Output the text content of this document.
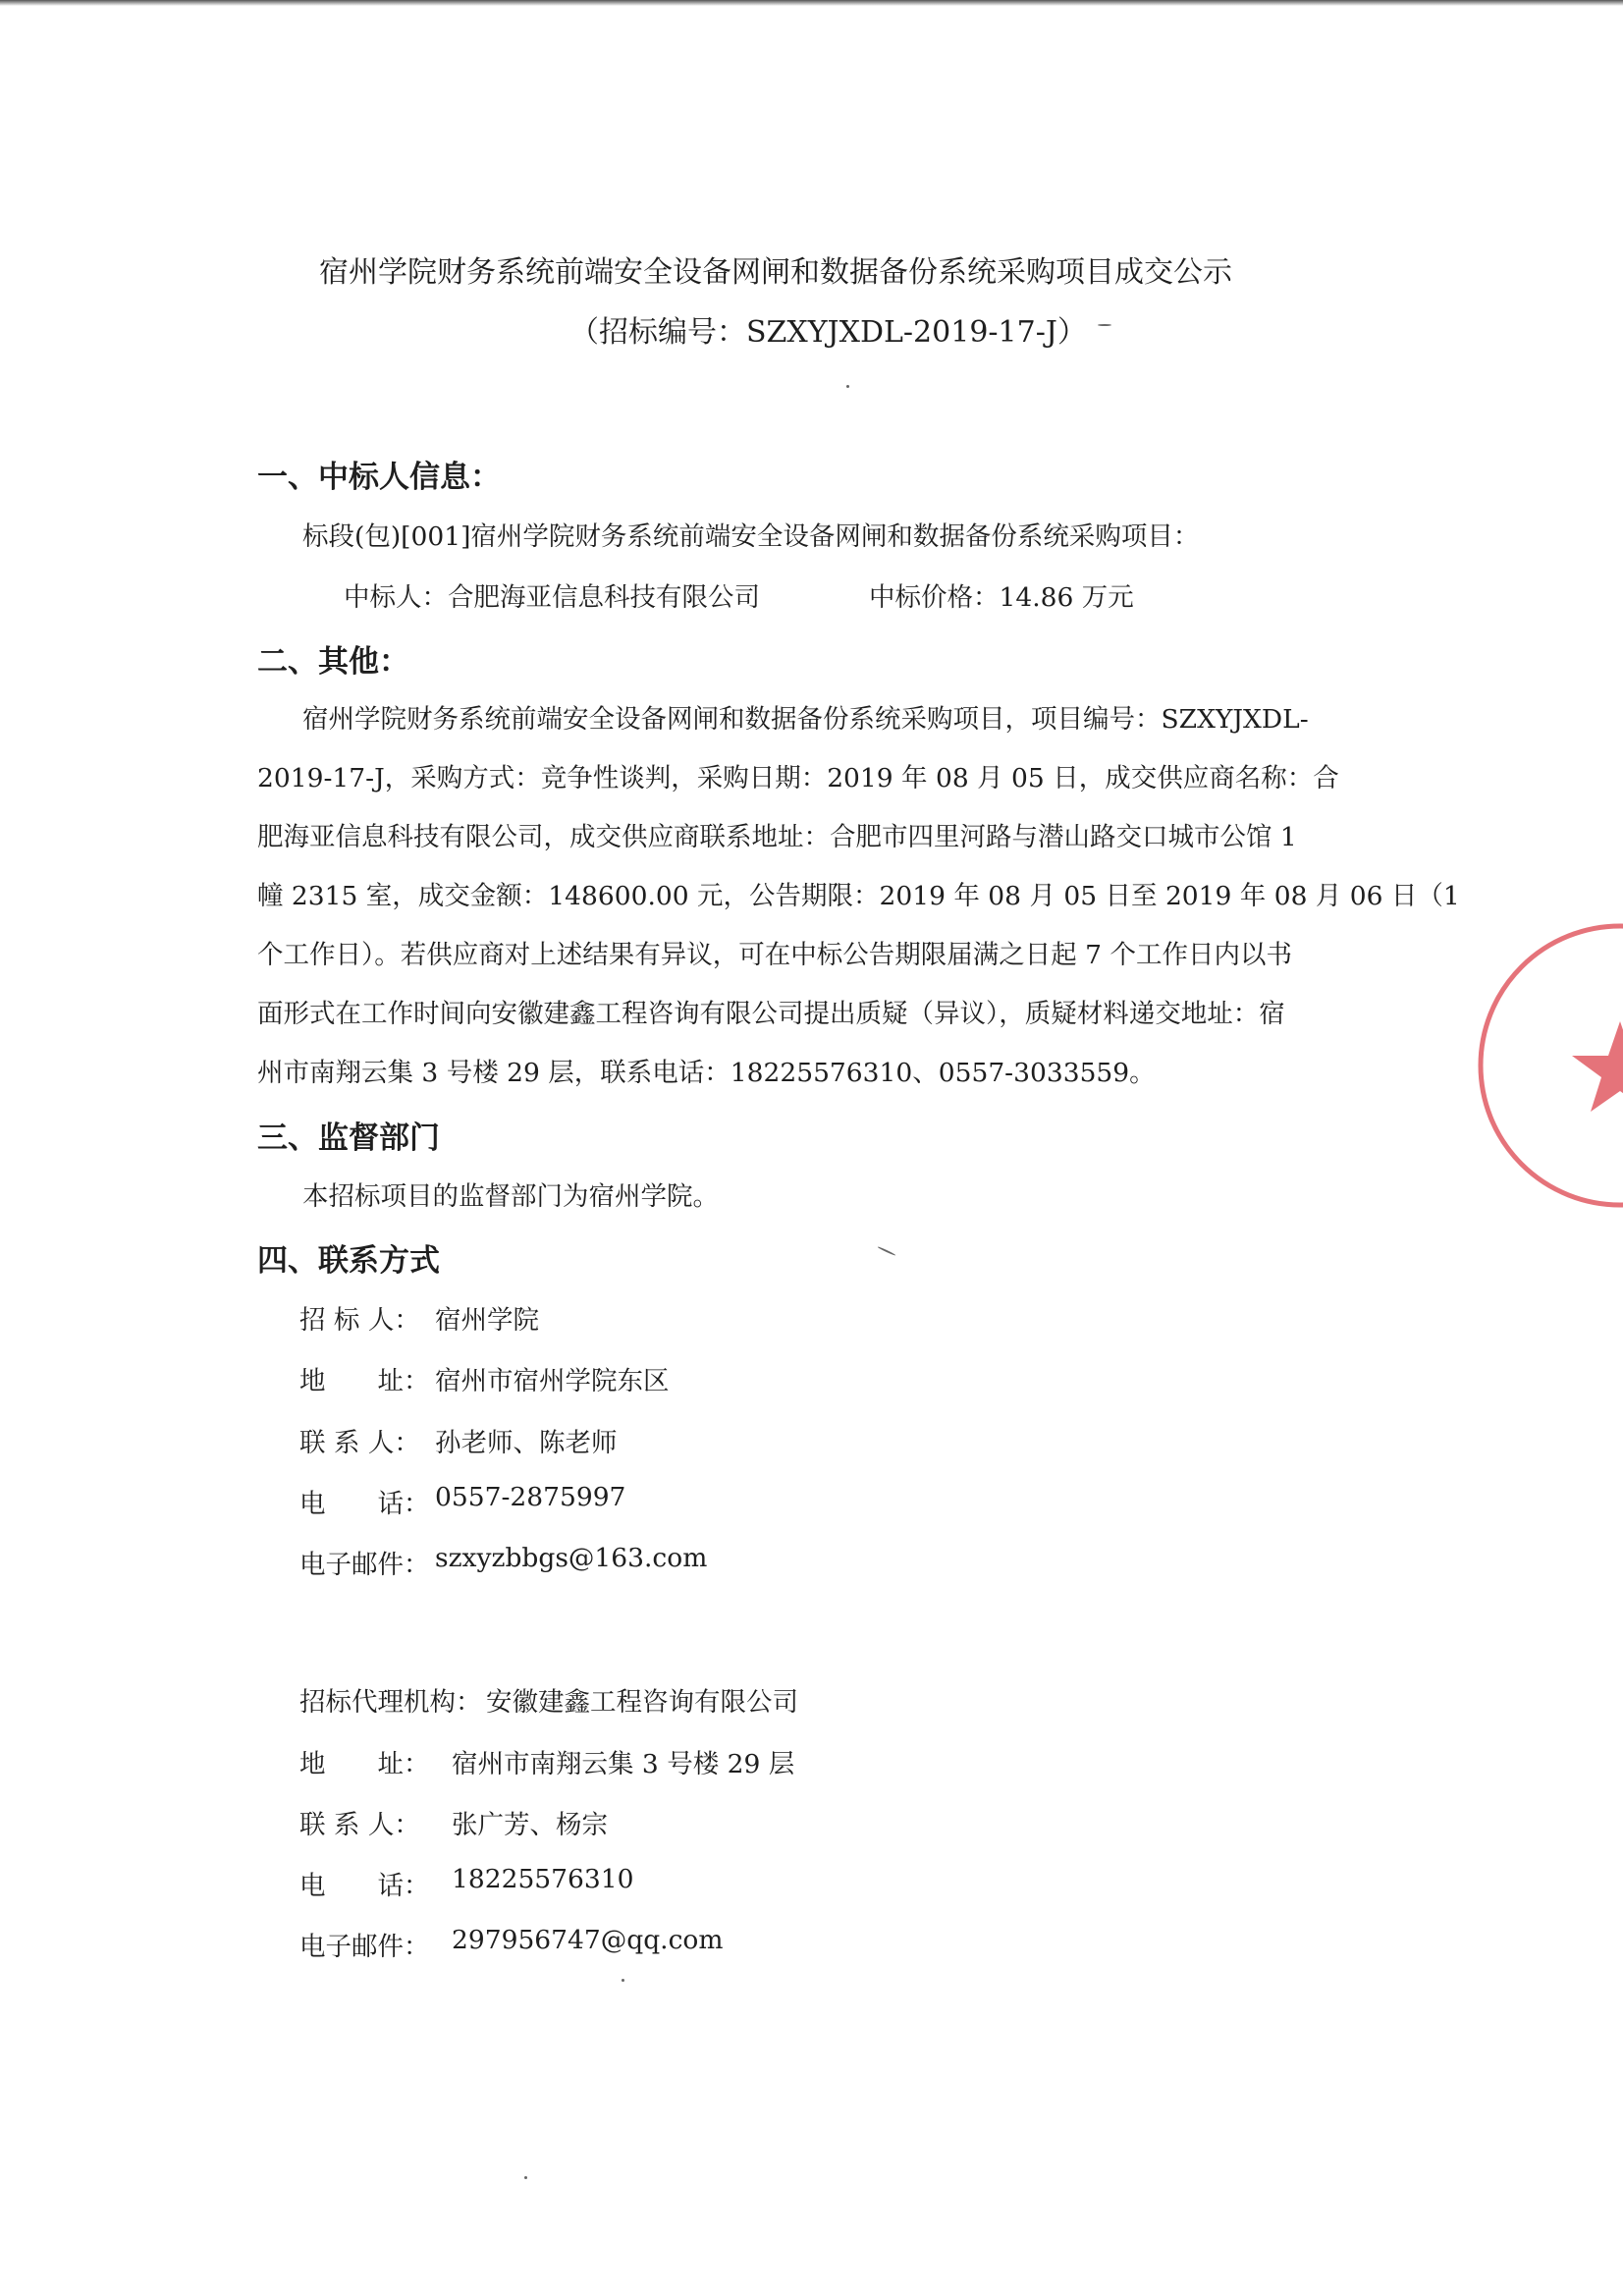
宿州学院财务系统前端安全设备网闸和数据备份系统采购项目成交公示
（招标编号：SZXYJXDL-2019-17-J）
一、中标人信息：
标段(包)[001]宿州学院财务系统前端安全设备网闸和数据备份系统采购项目：
中标人：合肥海亚信息科技有限公司	中标价格：14.86 万元
二、其他：
宿州学院财务系统前端安全设备网闸和数据备份系统采购项目，项目编号：SZXYJXDL-
2019-17-J，采购方式：竞争性谈判，采购日期：2019 年 08 月 05 日，成交供应商名称：合
肥海亚信息科技有限公司，成交供应商联系地址：合肥市四里河路与潜山路交口城市公馆 1
幢 2315 室，成交金额：148600.00 元，公告期限：2019 年 08 月 05 日至 2019 年 08 月 06 日（1
个工作日）。若供应商对上述结果有异议，可在中标公告期限届满之日起 7 个工作日内以书
面形式在工作时间向安徽建鑫工程咨询有限公司提出质疑（异议），质疑材料递交地址：宿
州市南翔云集 3 号楼 29 层，联系电话：18225576310、0557-3033559。
三、监督部门
本招标项目的监督部门为宿州学院。
四、联系方式
招 标 人： 宿州学院
地　　址： 宿州市宿州学院东区
联 系 人： 孙老师、陈老师
电　　话： 0557-2875997
电子邮件： szxyzbbgs@163.com
招标代理机构： 安徽建鑫工程咨询有限公司
地　　址： 宿州市南翔云集 3 号楼 29 层
联 系 人： 张广芳、杨宗
电　　话： 18225576310
电子邮件： 297956747@qq.com
